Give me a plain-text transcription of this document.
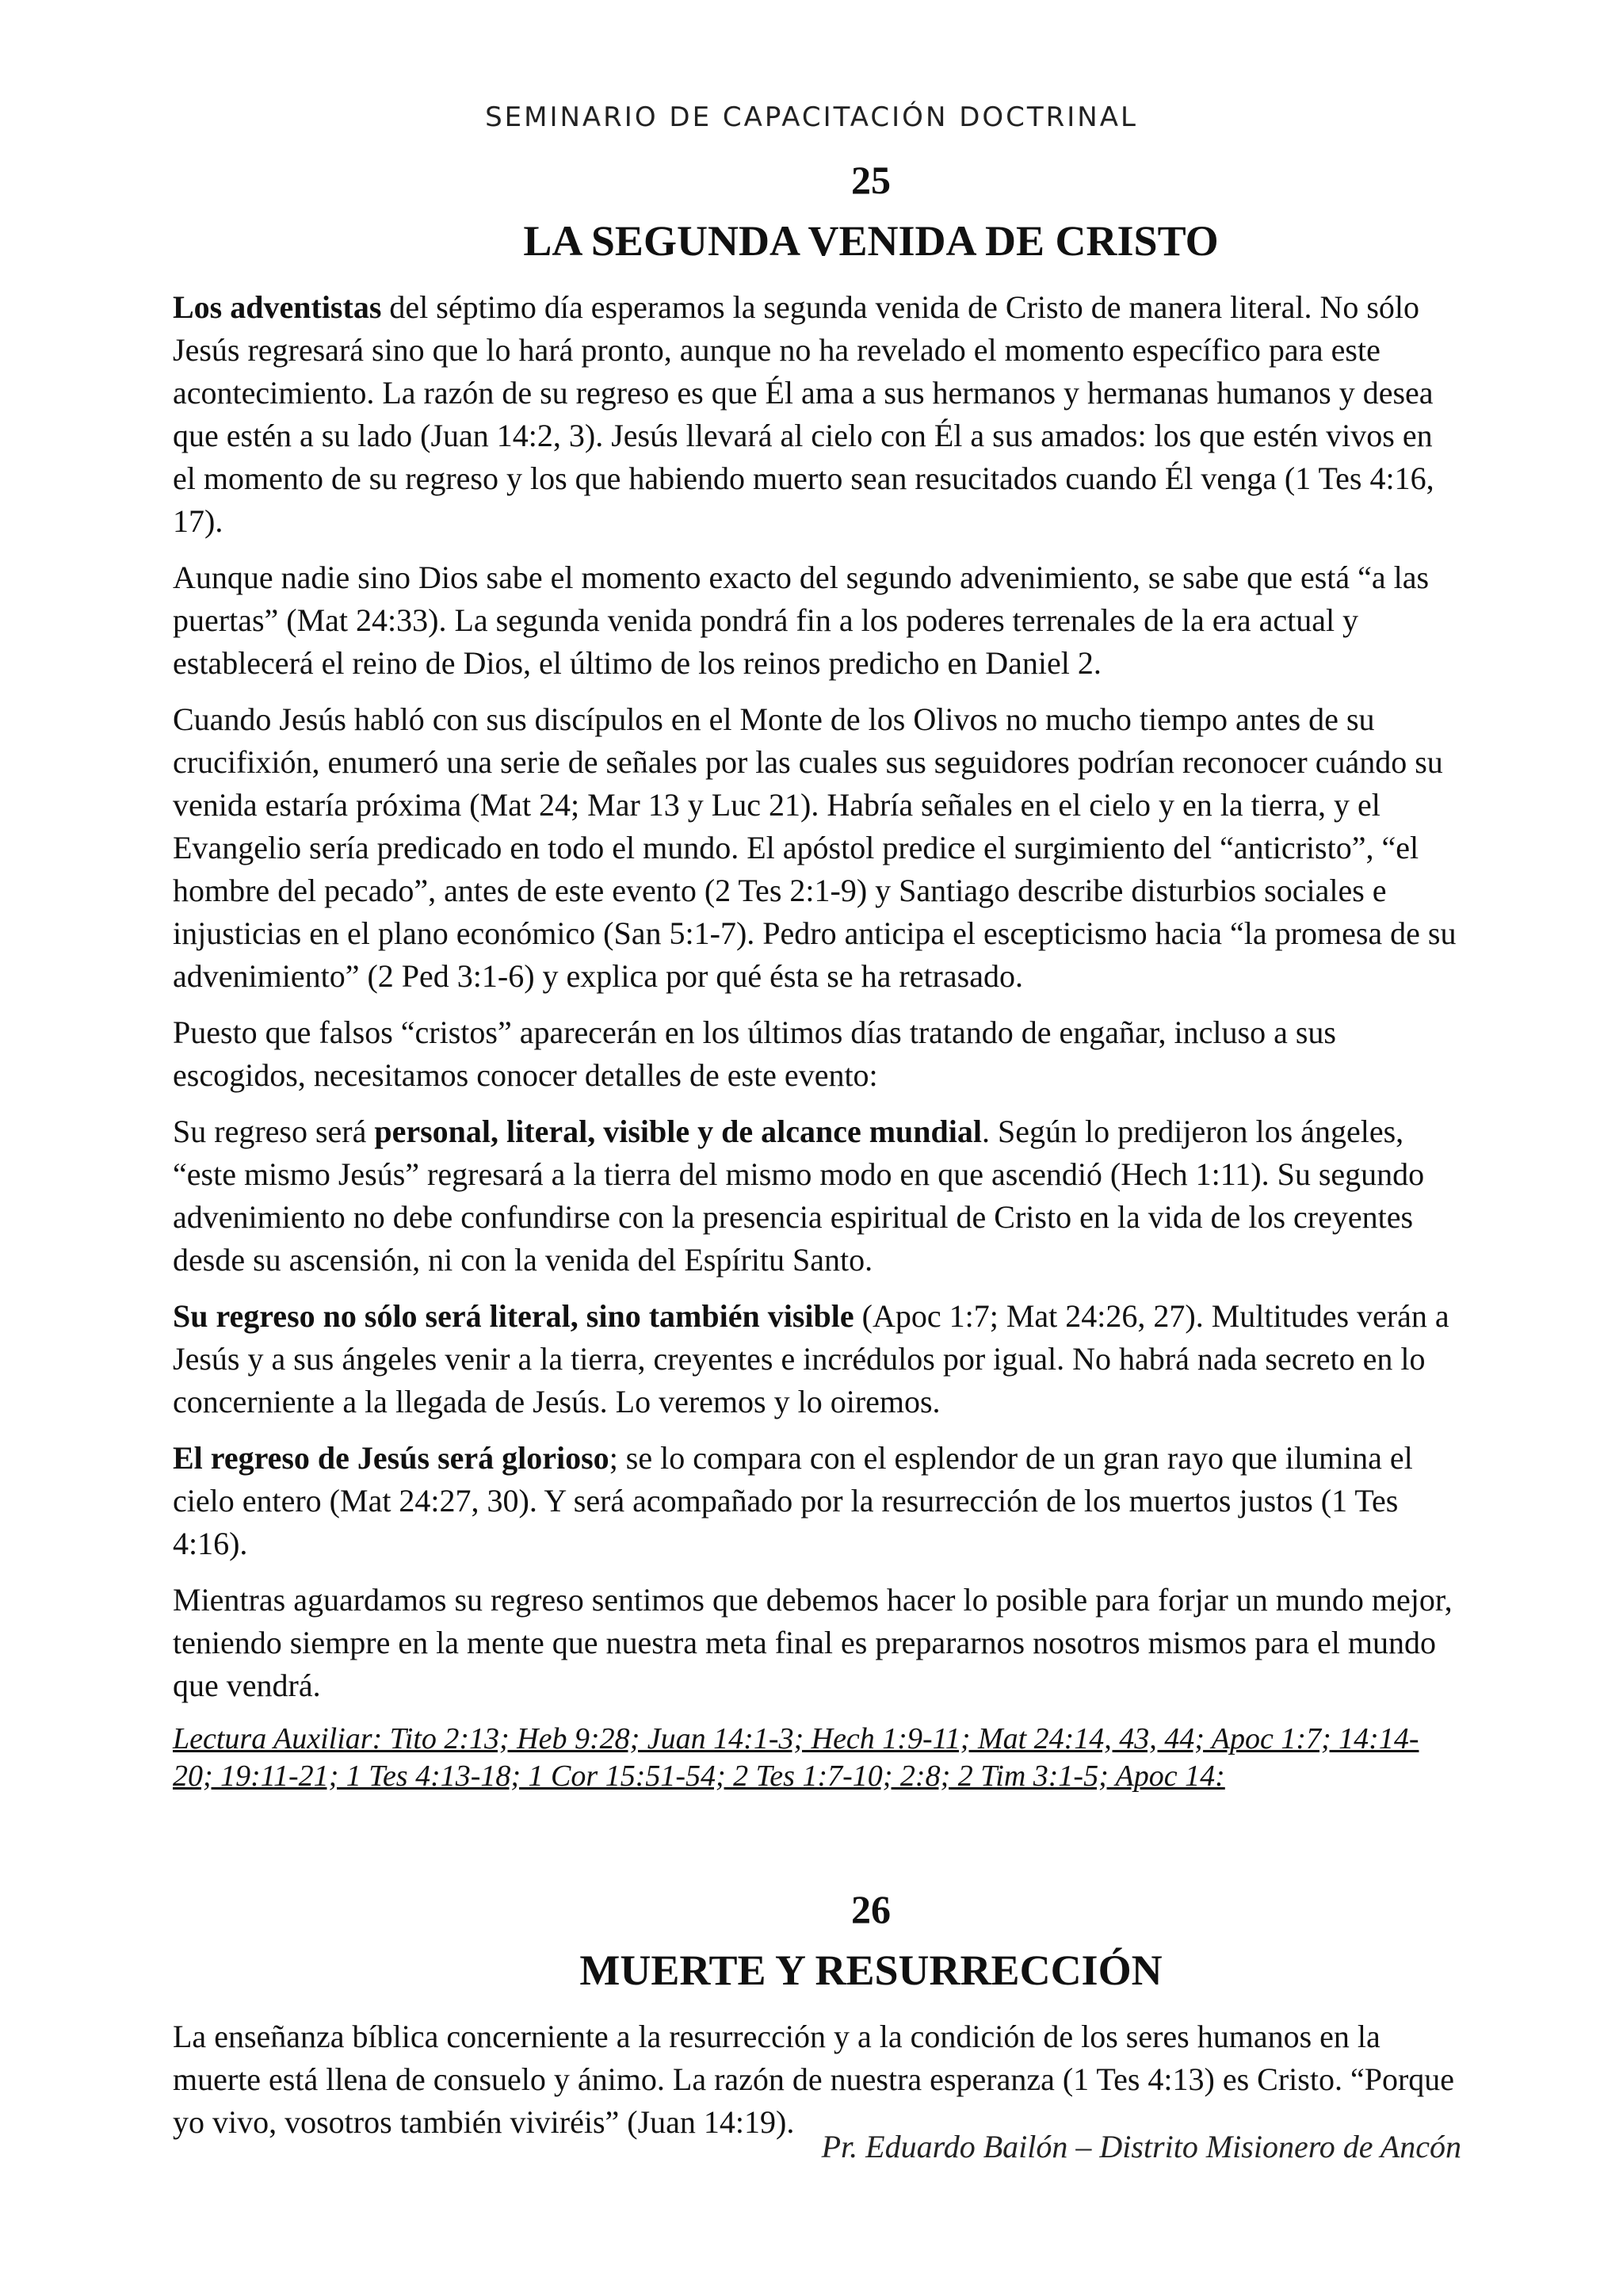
SEMINARIO DE CAPACITACIÓN DOCTRINAL
25
LA SEGUNDA VENIDA DE CRISTO

Los adventistas del séptimo día esperamos la segunda venida de Cristo de manera literal. No sólo Jesús regresará sino que lo hará pronto, aunque no ha revelado el momento específico para este acontecimiento. La razón de su regreso es que Él ama a sus hermanos y hermanas humanos y desea que estén a su lado (Juan 14:2, 3). Jesús llevará al cielo con Él a sus amados: los que estén vivos en el momento de su regreso y los que habiendo muerto sean resucitados cuando Él venga (1 Tes 4:16, 17).

Aunque nadie sino Dios sabe el momento exacto del segundo advenimiento, se sabe que está “a las puertas” (Mat 24:33). La segunda venida pondrá fin a los poderes terrenales de la era actual y establecerá el reino de Dios, el último de los reinos predicho en Daniel 2.

Cuando Jesús habló con sus discípulos en el Monte de los Olivos no mucho tiempo antes de su crucifixión, enumeró una serie de señales por las cuales sus seguidores podrían reconocer cuándo su venida estaría próxima (Mat 24; Mar 13 y Luc 21). Habría señales en el cielo y en la tierra, y el Evangelio sería predicado en todo el mundo. El apóstol predice el surgimiento del “anticristo”, “el hombre del pecado”, antes de este evento (2 Tes 2:1-9) y Santiago describe disturbios sociales e injusticias en el plano económico (San 5:1-7). Pedro anticipa el escepticismo hacia “la promesa de su advenimiento” (2 Ped 3:1-6) y explica por qué ésta se ha retrasado.

Puesto que falsos “cristos” aparecerán en los últimos días tratando de engañar, incluso a sus escogidos, necesitamos conocer detalles de este evento:

Su regreso será personal, literal, visible y de alcance mundial. Según lo predijeron los ángeles, “este mismo Jesús” regresará a la tierra del mismo modo en que ascendió (Hech 1:11). Su segundo advenimiento no debe confundirse con la presencia espiritual de Cristo en la vida de los creyentes desde su ascensión, ni con la venida del Espíritu Santo.

Su regreso no sólo será literal, sino también visible (Apoc 1:7; Mat 24:26, 27). Multitudes verán a Jesús y a sus ángeles venir a la tierra, creyentes e incrédulos por igual. No habrá nada secreto en lo concerniente a la llegada de Jesús. Lo veremos y lo oiremos.

El regreso de Jesús será glorioso; se lo compara con el esplendor de un gran rayo que ilumina el cielo entero (Mat 24:27, 30). Y será acompañado por la resurrección de los muertos justos (1 Tes 4:16).

Mientras aguardamos su regreso sentimos que debemos hacer lo posible para forjar un mundo mejor, teniendo siempre en la mente que nuestra meta final es prepararnos nosotros mismos para el mundo que vendrá.

Lectura Auxiliar: Tito 2:13; Heb 9:28; Juan 14:1-3; Hech 1:9-11; Mat 24:14, 43, 44; Apoc 1:7; 14:14-20; 19:11-21; 1 Tes 4:13-18; 1 Cor 15:51-54; 2 Tes 1:7-10; 2:8; 2 Tim 3:1-5; Apoc 14:

26
MUERTE Y RESURRECCIÓN

La enseñanza bíblica concerniente a la resurrección y a la condición de los seres humanos en la muerte está llena de consuelo y ánimo. La razón de nuestra esperanza (1 Tes 4:13) es Cristo. “Porque yo vivo, vosotros también viviréis” (Juan 14:19).

Pr. Eduardo Bailón – Distrito Misionero de Ancón
